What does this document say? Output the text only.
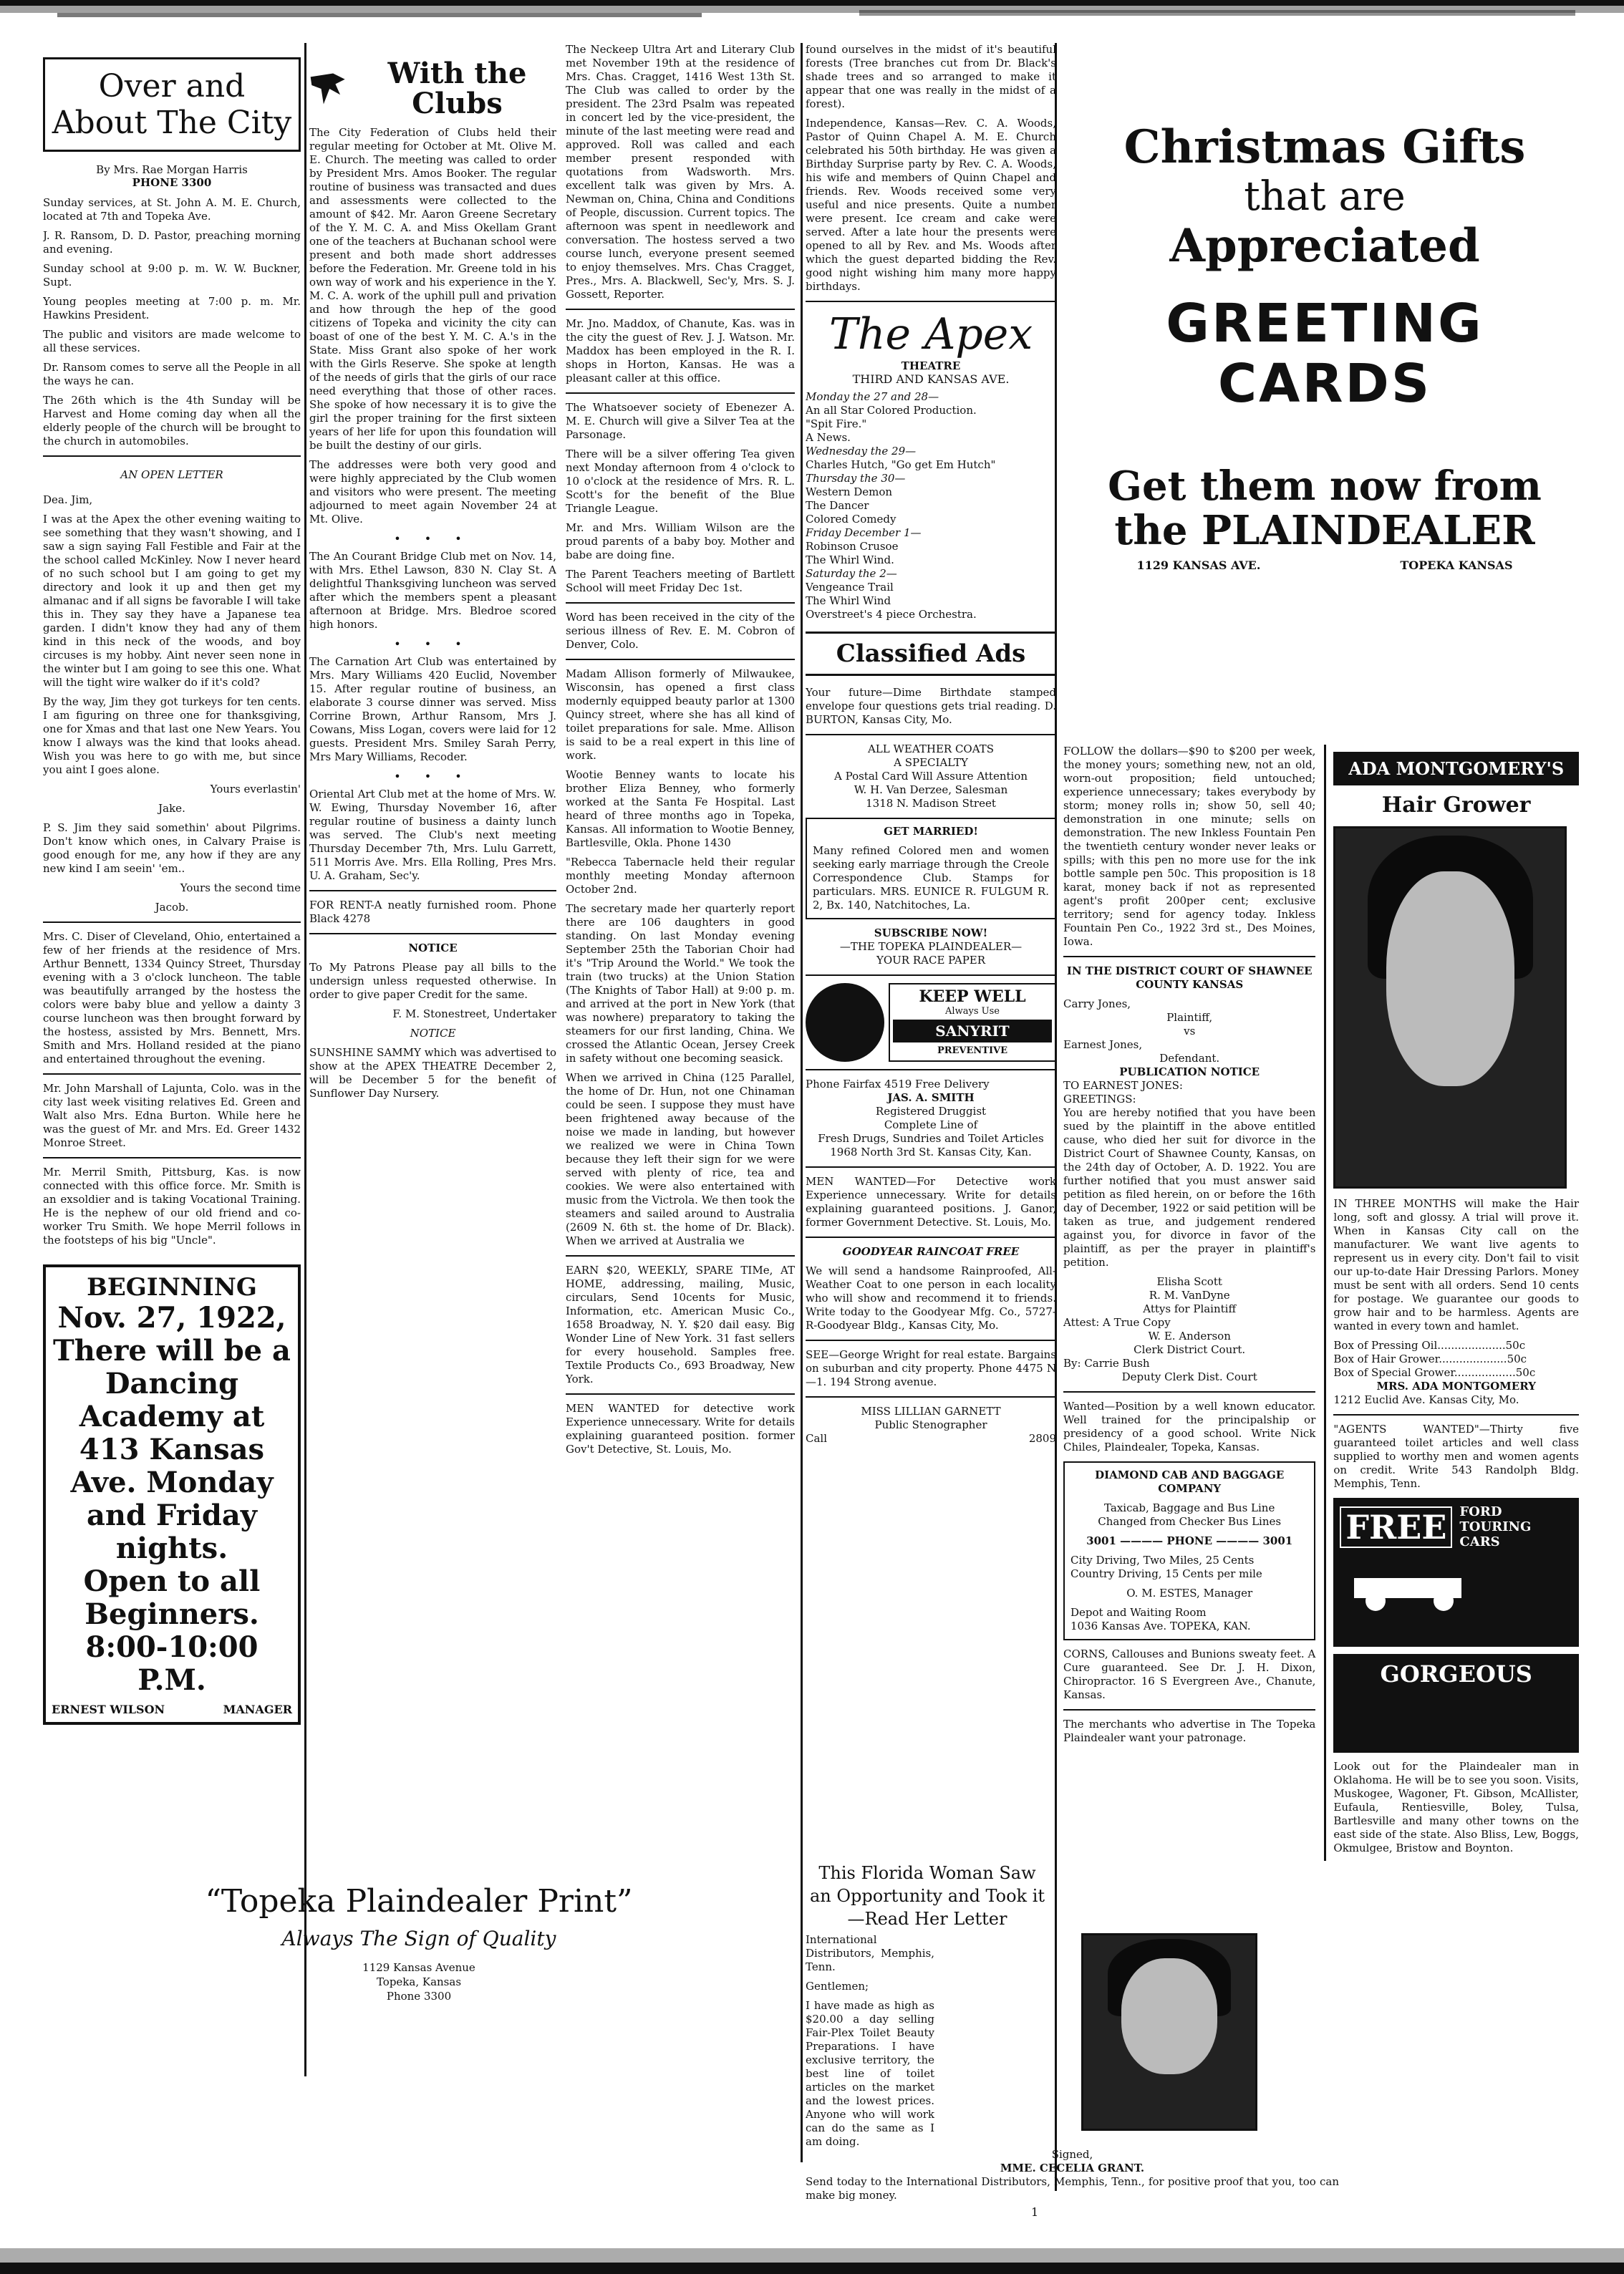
Over and About The City
By Mrs. Rae Morgan Harris
PHONE 3300

Sunday services, at St. John A. M. E. Church, located at 7th and Topeka Ave.

J. R. Ransom, D. D. Pastor, preaching morning and evening.

Sunday school at 9:00 p. m. W. W. Buckner, Supt.

Young peoples meeting at 7:00 p. m. Mr. Hawkins President.

The public and visitors are made welcome to all these services.

Dr. Ransom comes to serve all the People in all the ways he can.

The 26th which is the 4th Sunday will be Harvest and Home coming day when all the elderly people of the church will be brought to the church in automobiles.

AN OPEN LETTER

Dea. Jim,

I was at the Apex the other evening waiting to see something that they wasn't showing, and I saw a sign saying Fall Festible and Fair at the the school called McKinley. Now I never heard of no such school but I am going to get my directory and look it up and then get my almanac and if all signs be favorable I will take this in. They say they have a Japanese tea garden. I didn't know they had any of them kind in this neck of the woods, and boy circuses is my hobby. Aint never seen none in the winter but I am going to see this one. What will the tight wire walker do if it's cold?

By the way, Jim they got turkeys for ten cents. I am figuring on three one for thanksgiving, one for Xmas and that last one New Years. You know I always was the kind that looks ahead. Wish you was here to go with me, but since you aint I goes alone.

Yours everlastin'

Jake.

P. S. Jim they said somethin' about Pilgrims. Don't know which ones, in Calvary Praise is good enough for me, any how if they are any new kind I am seein' 'em..

Yours the second time

Jacob.

Mrs. C. Diser of Cleveland, Ohio, entertained a few of her friends at the residence of Mrs. Arthur Bennett, 1334 Quincy Street, Thursday evening with a 3 o'clock luncheon. The table was beautifully arranged by the hostess the colors were baby blue and yellow a dainty 3 course luncheon was then brought forward by the hostess, assisted by Mrs. Bennett, Mrs. Smith and Mrs. Holland resided at the piano and entertained throughout the evening.

Mr. John Marshall of Lajunta, Colo. was in the city last week visiting relatives Ed. Green and Walt also Mrs. Edna Burton. While here he was the guest of Mr. and Mrs. Ed. Greer 1432 Monroe Street.

Mr. Merril Smith, Pittsburg, Kas. is now connected with this office force. Mr. Smith is an exsoldier and is taking Vocational Training. He is the nephew of our old friend and co-worker Tru Smith. We hope Merril follows in the footsteps of his big "Uncle".

BEGINNING
Nov. 27, 1922, There will be a Dancing Academy at 413 Kansas Ave. Monday and Friday nights.
Open to all Beginners.
8:00-10:00 P.M.
ERNEST WILSON	MANAGER
“Topeka Plaindealer Print”
Always The Sign of Quality
1129 Kansas Avenue
Topeka, Kansas
Phone 3300
With the Clubs

The City Federation of Clubs held their regular meeting for October at Mt. Olive M. E. Church. The meeting was called to order by President Mrs. Amos Booker. The regular routine of business was transacted and dues and assessments were collected to the amount of $42. Mr. Aaron Greene Secretary of the Y. M. C. A. and Miss Okellam Grant one of the teachers at Buchanan school were present and both made short addresses before the Federation. Mr. Greene told in his own way of work and his experience in the Y. M. C. A. work of the uphill pull and privation and how through the hep of the good citizens of Topeka and vicinity the city can boast of one of the best Y. M. C. A.'s in the State. Miss Grant also spoke of her work with the Girls Reserve. She spoke at length of the needs of girls that the girls of our race need everything that those of other races. She spoke of how necessary it is to give the girl the proper training for the first sixteen years of her life for upon this foundation will be built the destiny of our girls.

The addresses were both very good and were highly appreciated by the Club women and visitors who were present. The meeting adjourned to meet again November 24 at Mt. Olive.

• • •

The An Courant Bridge Club met on Nov. 14, with Mrs. Ethel Lawson, 830 N. Clay St. A delightful Thanksgiving luncheon was served after which the members spent a pleasant afternoon at Bridge. Mrs. Bledroe scored high honors.

• • •

The Carnation Art Club was entertained by Mrs. Mary Williams 420 Euclid, November 15. After regular routine of business, an elaborate 3 course dinner was served. Miss Corrine Brown, Arthur Ransom, Mrs J. Cowans, Miss Logan, covers were laid for 12 guests. President Mrs. Smiley Sarah Perry, Mrs Mary Williams, Recoder.

• • •

Oriental Art Club met at the home of Mrs. W. W. Ewing, Thursday November 16, after regular routine of business a dainty lunch was served. The Club's next meeting Thursday December 7th, Mrs. Lulu Garrett, 511 Morris Ave. Mrs. Ella Rolling, Pres Mrs. U. A. Graham, Sec'y.

FOR RENT-A neatly furnished room. Phone Black 4278

NOTICE

To My Patrons Please pay all bills to the undersign unless requested otherwise. In order to give paper Credit for the same.

F. M. Stonestreet, Undertaker

NOTICE

SUNSHINE SAMMY which was advertised to show at the APEX THEATRE December 2, will be December 5 for the benefit of Sunflower Day Nursery.

The Neckeep Ultra Art and Literary Club met November 19th at the residence of Mrs. Chas. Cragget, 1416 West 13th St. The Club was called to order by the president. The 23rd Psalm was repeated in concert led by the vice-president, the minute of the last meeting were read and approved. Roll was called and each member present responded with quotations from Wadsworth. Mrs. excellent talk was given by Mrs. A. Newman on, China, China and Conditions of People, discussion. Current topics. The afternoon was spent in needlework and conversation. The hostess served a two course lunch, everyone present seemed to enjoy themselves. Mrs. Chas Cragget, Pres., Mrs. A. Blackwell, Sec'y, Mrs. S. J. Gossett, Reporter.

Mr. Jno. Maddox, of Chanute, Kas. was in the city the guest of Rev. J. J. Watson. Mr. Maddox has been employed in the R. I. shops in Horton, Kansas. He was a pleasant caller at this office.

The Whatsoever society of Ebenezer A. M. E. Church will give a Silver Tea at the Parsonage.

There will be a silver offering Tea given next Monday afternoon from 4 o'clock to 10 o'clock at the residence of Mrs. R. L. Scott's for the benefit of the Blue Triangle League.

Mr. and Mrs. William Wilson are the proud parents of a baby boy. Mother and babe are doing fine.

The Parent Teachers meeting of Bartlett School will meet Friday Dec 1st.

Word has been received in the city of the serious illness of Rev. E. M. Cobron of Denver, Colo.

Madam Allison formerly of Milwaukee, Wisconsin, has opened a first class modernly equipped beauty parlor at 1300 Quincy street, where she has all kind of toilet preparations for sale. Mme. Allison is said to be a real expert in this line of work.

Wootie Benney wants to locate his brother Eliza Benney, who formerly worked at the Santa Fe Hospital. Last heard of three months ago in Topeka, Kansas. All information to Wootie Benney, Bartlesville, Okla. Phone 1430

"Rebecca Tabernacle held their regular monthly meeting Monday afternoon October 2nd.

The secretary made her quarterly report there are 106 daughters in good standing. On last Monday evening September 25th the Taborian Choir had it's "Trip Around the World." We took the train (two trucks) at the Union Station (The Knights of Tabor Hall) at 9:00 p. m. and arrived at the port in New York (that was nowhere) preparatory to taking the steamers for our first landing, China. We crossed the Atlantic Ocean, Jersey Creek in safety without one becoming seasick.

When we arrived in China (125 Parallel, the home of Dr. Hun, not one Chinaman could be seen. I suppose they must have been frightened away because of the noise we made in landing, but however we realized we were in China Town because they left their sign for we were served with plenty of rice, tea and cookies. We were also entertained with music from the Victrola. We then took the steamers and sailed around to Australia (2609 N. 6th st. the home of Dr. Black). When we arrived at Australia we

EARN $20, WEEKLY, SPARE TIMe, AT HOME, addressing, mailing, Music, circulars, Send 10cents for Music, Information, etc. American Music Co., 1658 Broadway, N. Y. $20 dail easy. Big Wonder Line of New York. 31 fast sellers for every household. Samples free. Textile Products Co., 693 Broadway, New York.

MEN WANTED for detective work Experience unnecessary. Write for details explaining guaranteed position. former Gov't Detective, St. Louis, Mo.

found ourselves in the midst of it's beautiful forests (Tree branches cut from Dr. Black's shade trees and so arranged to make it appear that one was really in the midst of a forest).

Independence, Kansas—Rev. C. A. Woods, Pastor of Quinn Chapel A. M. E. Church celebrated his 50th birthday. He was given a Birthday Surprise party by Rev. C. A. Woods, his wife and members of Quinn Chapel and friends. Rev. Woods received some very useful and nice presents. Quite a number were present. Ice cream and cake were served. After a late hour the presents were opened to all by Rev. and Ms. Woods after which the guest departed bidding the Rev. good night wishing him many more happy birthdays.

The Apex
THEATRE
THIRD AND KANSAS AVE.

Monday the 27 and 28—

An all Star Colored Production.

"Spit Fire."

A News.

Wednesday the 29—

Charles Hutch, "Go get Em Hutch"

Thursday the 30—

Western Demon

The Dancer

Colored Comedy

Friday December 1—

Robinson Crusoe

The Whirl Wind.

Saturday the 2—

Vengeance Trail

The Whirl Wind

Overstreet's 4 piece Orchestra.

Classified Ads

Your future—Dime Birthdate stamped envelope four questions gets trial reading. D. BURTON, Kansas City, Mo.

ALL WEATHER COATS

A SPECIALTY

A Postal Card Will Assure Attention

W. H. Van Derzee, Salesman

1318 N. Madison Street

GET MARRIED!

Many refined Colored men and women seeking early marriage through the Creole Correspondence Club. Stamps for particulars. MRS. EUNICE R. FULGUM R. 2, Bx. 140, Natchitoches, La.

SUBSCRIBE NOW!

—THE TOPEKA PLAINDEALER—

YOUR RACE PAPER

KEEP WELL
Always Use
SANYRIT
PREVENTIVE

Phone Fairfax 4519 Free Delivery

JAS. A. SMITH

Registered Druggist

Complete Line of

Fresh Drugs, Sundries and Toilet Articles

1968 North 3rd St. Kansas City, Kan.

MEN WANTED—For Detective work Experience unnecessary. Write for details explaining guaranteed positions. J. Ganor, former Government Detective. St. Louis, Mo.

GOODYEAR RAINCOAT FREE

We will send a handsome Rainproofed, All-Weather Coat to one person in each locality who will show and recommend it to friends. Write today to the Goodyear Mfg. Co., 5727-R-Goodyear Bldg., Kansas City, Mo.

SEE—George Wright for real estate. Bargains on suburban and city property. Phone 4475 N—1. 194 Strong avenue.

MISS LILLIAN GARNETT

Public Stenographer

Call	2809
This Florida Woman Saw an Opportunity and Took it—Read Her Letter

International Distributors, Memphis, Tenn.

Gentlemen;

I have made as high as $20.00 a day selling Fair-Plex Toilet Beauty Preparations. I have exclusive territory, the best line of toilet articles on the market and the lowest prices. Anyone who will work can do the same as I am doing.

Signed,

MME. CECELIA GRANT.

Send today to the International Distributors, Memphis, Tenn., for positive proof that you, too can make big money.

Christmas Gifts
that are
Appreciated
GREETING
CARDS
Get them now from
the PLAINDEALER
1129 KANSAS AVE.	TOPEKA KANSAS

FOLLOW the dollars—$90 to $200 per week, the money yours; something new, not an old, worn-out proposition; field untouched; experience unnecessary; takes everybody by storm; money rolls in; show 50, sell 40; demonstration in one minute; sells on demonstration. The new Inkless Fountain Pen the twentieth century wonder never leaks or spills; with this pen no more use for the ink bottle sample pen 50c. This proposition is 18 karat, money back if not as represented agent's profit 200per cent; exclusive territory; send for agency today. Inkless Fountain Pen Co., 1922 3rd st., Des Moines, Iowa.

IN THE DISTRICT COURT OF SHAWNEE COUNTY KANSAS

Carry Jones,

Plaintiff,

vs

Earnest Jones,

Defendant.

PUBLICATION NOTICE

TO EARNEST JONES:

GREETINGS:

You are hereby notified that you have been sued by the plaintiff in the above entitled cause, who died her suit for divorce in the District Court of Shawnee County, Kansas, on the 24th day of October, A. D. 1922. You are further notified that you must answer said petition as filed herein, on or before the 16th day of December, 1922 or said petition will be taken as true, and judgement rendered against you, for divorce in favor of the plaintiff, as per the prayer in plaintiff's petition.

Elisha Scott

R. M. VanDyne

Attys for Plaintiff

Attest: A True Copy

W. E. Anderson

Clerk District Court.

By: Carrie Bush

Deputy Clerk Dist. Court

Wanted—Position by a well known educator. Well trained for the principalship or presidency of a good school. Write Nick Chiles, Plaindealer, Topeka, Kansas.

DIAMOND CAB AND BAGGAGE COMPANY

Taxicab, Baggage and Bus Line

Changed from Checker Bus Lines

3001 ———— PHONE ———— 3001

City Driving, Two Miles, 25 Cents

Country Driving, 15 Cents per mile

O. M. ESTES, Manager

Depot and Waiting Room

1036 Kansas Ave. TOPEKA, KAN.

CORNS, Callouses and Bunions sweaty feet. A Cure guaranteed. See Dr. J. H. Dixon, Chiropractor. 16 S Evergreen Ave., Chanute, Kansas.

The merchants who advertise in The Topeka Plaindealer want your patronage.

ADA MONTGOMERY'S
Hair Grower

IN THREE MONTHS will make the Hair long, soft and glossy. A trial will prove it. When in Kansas City call on the manufacturer. We want live agents to represent us in every city. Don't fail to visit our up-to-date Hair Dressing Parlors. Money must be sent with all orders. Send 10 cents for postage. We guarantee our goods to grow hair and to be harmless. Agents are wanted in every town and hamlet.

Box of Pressing Oil....................50c

Box of Hair Grower....................50c

Box of Special Grower..................50c

MRS. ADA MONTGOMERY

1212 Euclid Ave. Kansas City, Mo.

"AGENTS WANTED"—Thirty five guaranteed toilet articles and well class supplied to worthy men and women agents on credit. Write 543 Randolph Bldg. Memphis, Tenn.

FREE	FORD TOURING CARS
GORGEOUS

Look out for the Plaindealer man in Oklahoma. He will be to see you soon. Visits, Muskogee, Wagoner, Ft. Gibson, McAllister, Eufaula, Rentiesville, Boley, Tulsa, Bartlesville and many other towns on the east side of the state. Also Bliss, Lew, Boggs, Okmulgee, Bristow and Boynton.

1
